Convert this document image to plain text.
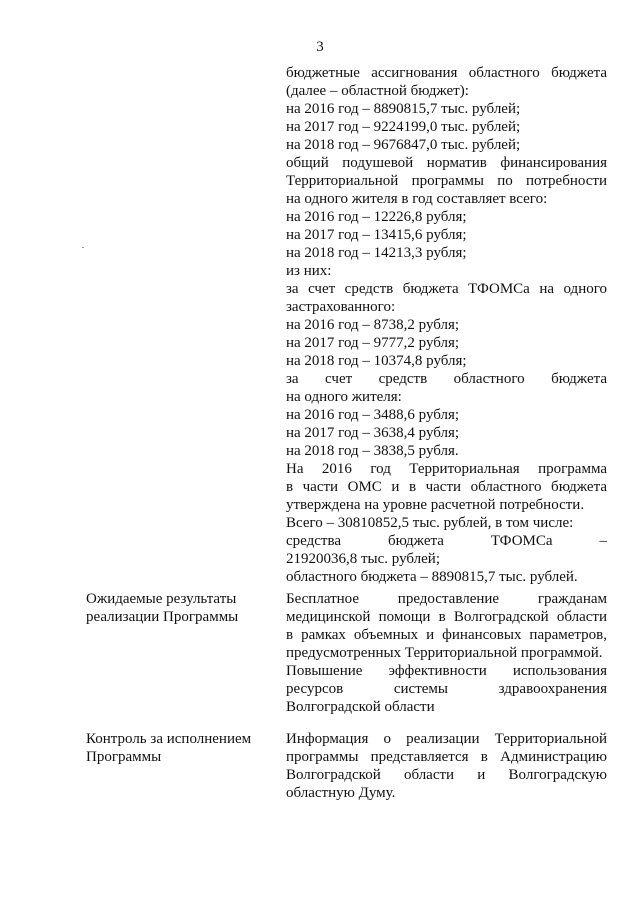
3
бюджетные ассигнования областного бюджета
(далее – областной бюджет):
на 2016 год – 8890815,7 тыс. рублей;
на 2017 год – 9224199,0 тыс. рублей;
на 2018 год – 9676847,0 тыс. рублей;
общий подушевой норматив финансирования
Территориальной программы по потребности
на одного жителя в год составляет всего:
на 2016 год – 12226,8 рубля;
на 2017 год – 13415,6 рубля;
на 2018 год – 14213,3 рубля;
из них:
за счет средств бюджета ТФОМСа на одного
застрахованного:
на 2016 год – 8738,2 рубля;
на 2017 год – 9777,2 рубля;
на 2018 год – 10374,8 рубля;
за счет средств областного бюджета
на одного жителя:
на 2016 год – 3488,6 рубля;
на 2017 год – 3638,4 рубля;
на 2018 год – 3838,5 рубля.
На 2016 год Территориальная программа
в части ОМС и в части областного бюджета
утверждена на уровне расчетной потребности.
Всего – 30810852,5 тыс. рублей, в том числе:
средства бюджета ТФОМСа –
21920036,8 тыс. рублей;
областного бюджета – 8890815,7 тыс. рублей.
Ожидаемые результаты
реализации Программы
Бесплатное предоставление гражданам
медицинской помощи в Волгоградской области
в рамках объемных и финансовых параметров,
предусмотренных Территориальной программой.
Повышение эффективности использования
ресурсов системы здравоохранения
Волгоградской области
Контроль за исполнением
Программы
Информация о реализации Территориальной
программы представляется в Администрацию
Волгоградской области и Волгоградскую
областную Думу.
